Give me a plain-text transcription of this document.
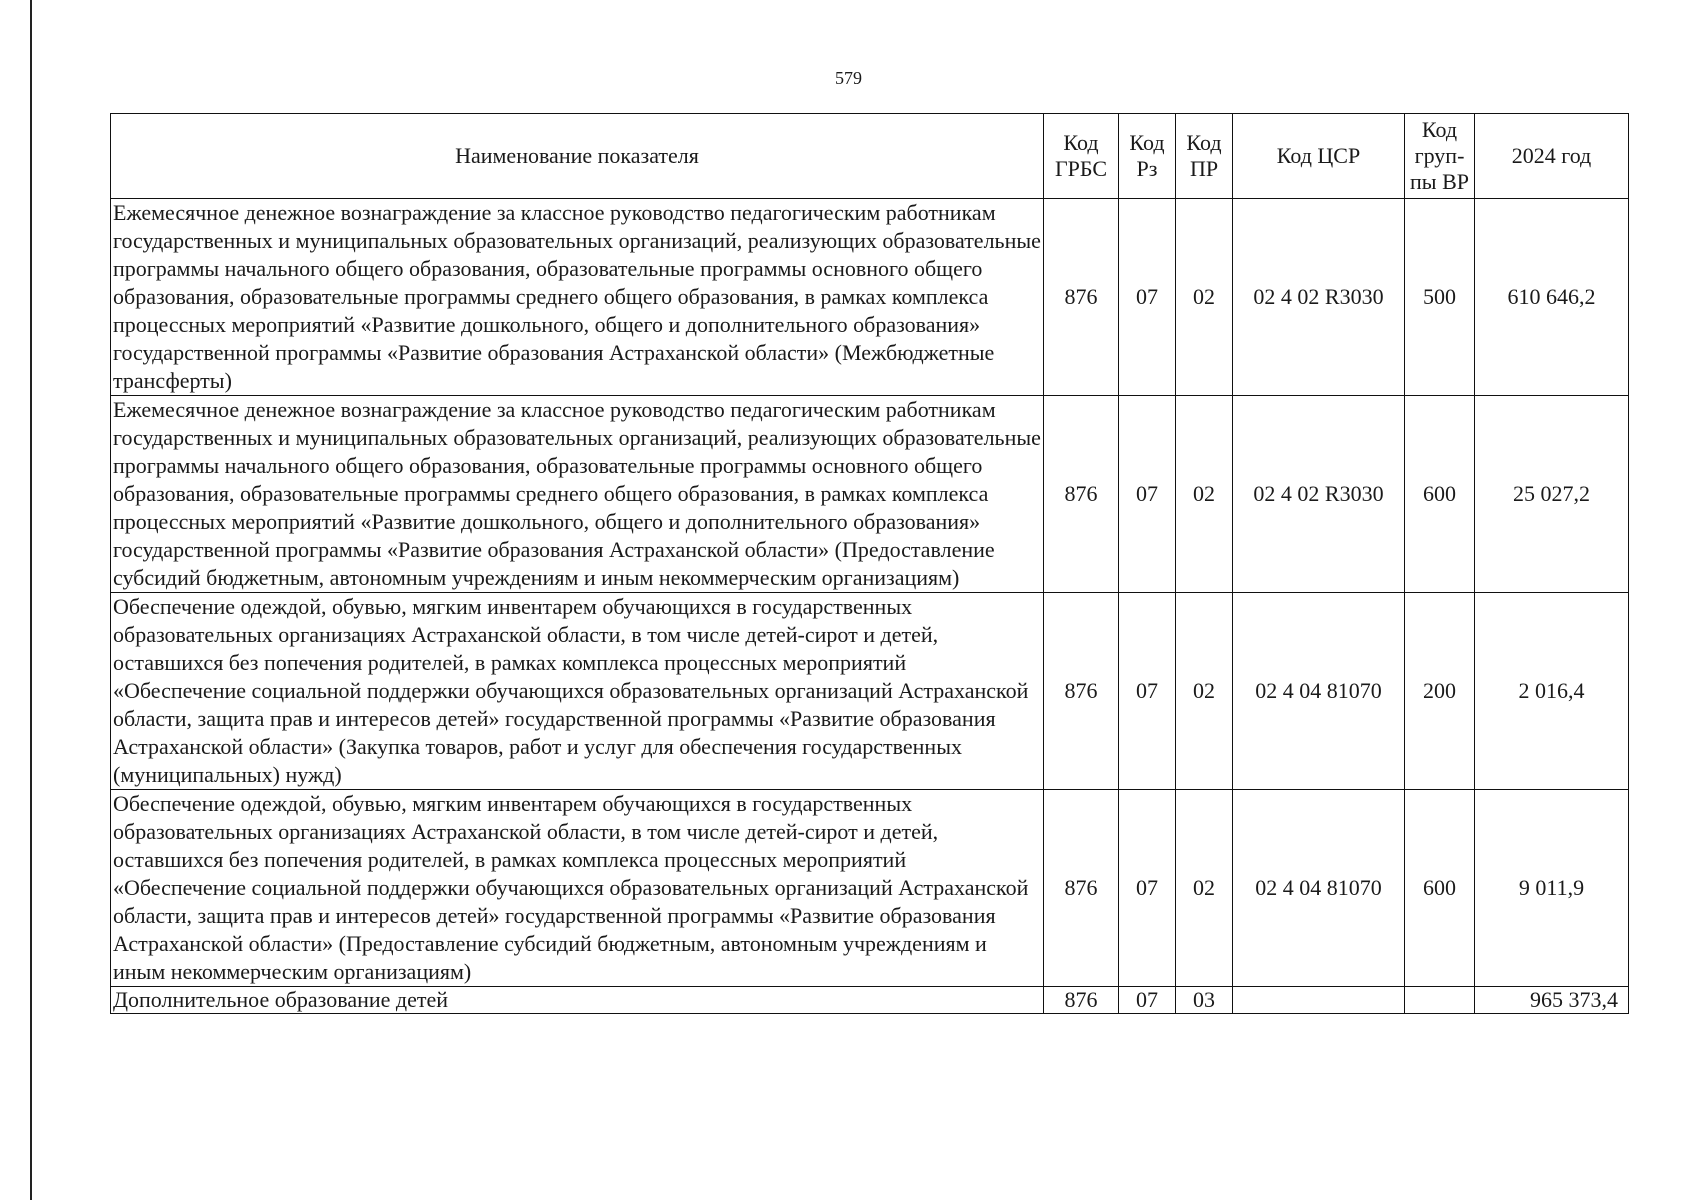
579
Наименование показателя	Код ГРБС	Код Рз	Код ПР	Код ЦСР	Код груп-пы ВР	2024 год
Ежемесячное денежное вознаграждение за классное руководство педагогическим работникам государственных и муниципальных образовательных организаций, реализующих образовательные программы начального общего образования, образовательные программы основного общего образования, образовательные программы среднего общего образования, в рамках комплекса процессных мероприятий «Развитие дошкольного, общего и дополнительного образования» государственной программы «Развитие образования Астраханской области» (Межбюджетные трансферты)	876	07	02	02 4 02 R3030	500	610 646,2
Ежемесячное денежное вознаграждение за классное руководство педагогическим работникам государственных и муниципальных образовательных организаций, реализующих образовательные программы начального общего образования, образовательные программы основного общего образования, образовательные программы среднего общего образования, в рамках комплекса процессных мероприятий «Развитие дошкольного, общего и дополнительного образования» государственной программы «Развитие образования Астраханской области» (Предоставление субсидий бюджетным, автономным учреждениям и иным некоммерческим организациям)	876	07	02	02 4 02 R3030	600	25 027,2
Обеспечение одеждой, обувью, мягким инвентарем обучающихся в государственных образовательных организациях Астраханской области, в том числе детей-сирот и детей, оставшихся без попечения родителей, в рамках комплекса процессных мероприятий «Обеспечение социальной поддержки обучающихся образовательных организаций Астраханской области, защита прав и интересов детей» государственной программы «Развитие образования Астраханской области» (Закупка товаров, работ и услуг для обеспечения государственных (муниципальных) нужд)	876	07	02	02 4 04 81070	200	2 016,4
Обеспечение одеждой, обувью, мягким инвентарем обучающихся в государственных образовательных организациях Астраханской области, в том числе детей-сирот и детей, оставшихся без попечения родителей, в рамках комплекса процессных мероприятий «Обеспечение социальной поддержки обучающихся образовательных организаций Астраханской области, защита прав и интересов детей» государственной программы «Развитие образования Астраханской области» (Предоставление субсидий бюджетным, автономным учреждениям и иным некоммерческим организациям)	876	07	02	02 4 04 81070	600	9 011,9
Дополнительное образование детей	876	07	03			965 373,4
